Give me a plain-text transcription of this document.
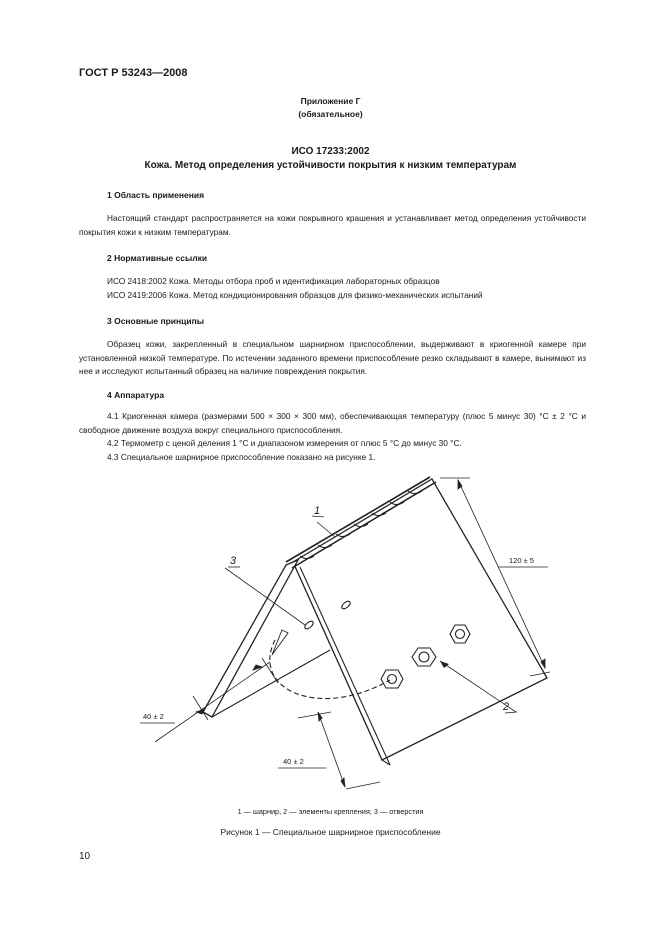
ГОСТ Р 53243—2008
Приложение Г
(обязательное)
ИСО 17233:2002
Кожа. Метод определения устойчивости покрытия к низким температурам
1 Область применения
Настоящий стандарт распространяется на кожи покрывного крашения и устанавливает метод определения устойчивости покрытия кожи к низким температурам.
2 Нормативные ссылки
ИСО 2418:2002 Кожа. Методы отбора проб и идентификация лабораторных образцов
ИСО 2419:2006 Кожа. Метод кондиционирования образцов для физико-механических испытаний
3 Основные принципы
Образец кожи, закрепленный в специальном шарнирном приспособлении, выдерживают в криогенной камере при установленной низкой температуре. По истечении заданного времени приспособление резко складывают в камере, вынимают из нее и исследуют испытанный образец на наличие повреждения покрытия.
4 Аппаратура
4.1 Криогенная камера (размерами 500 × 300 × 300 мм), обеспечивающая температуру (плюс 5 минус 30) °С ± 2 °С и свободное движение воздуха вокруг специального приспособления.
4.2 Термометр с ценой деления 1 °С и диапазоном измерения от плюс 5 °С до минус 30 °С.
4.3 Специальное шарнирное приспособление показано на рисунке 1.
1
2
3	120 ± 5
40 ± 2
40 ± 2
1 — шарнир, 2 — элементы крепления; 3 — отверстия
Рисунок 1 — Специальное шарнирное приспособление
10
